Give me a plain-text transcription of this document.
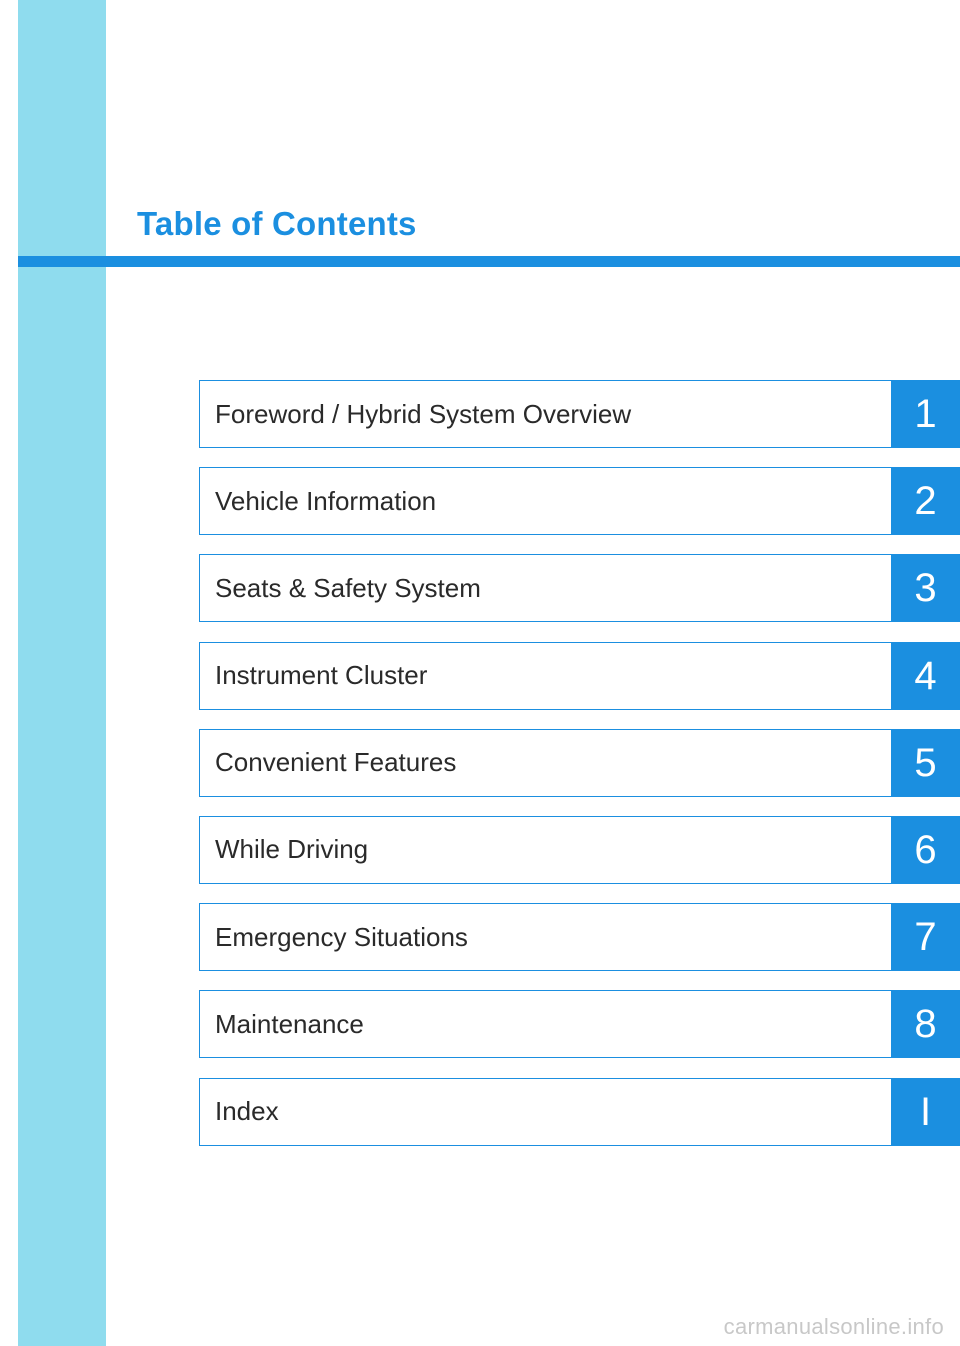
Table of Contents
Foreword / Hybrid System Overview	1
Vehicle Information	2
Seats & Safety System	3
Instrument Cluster	4
Convenient Features	5
While Driving	6
Emergency Situations	7
Maintenance	8
Index	I
carmanualsonline.info
